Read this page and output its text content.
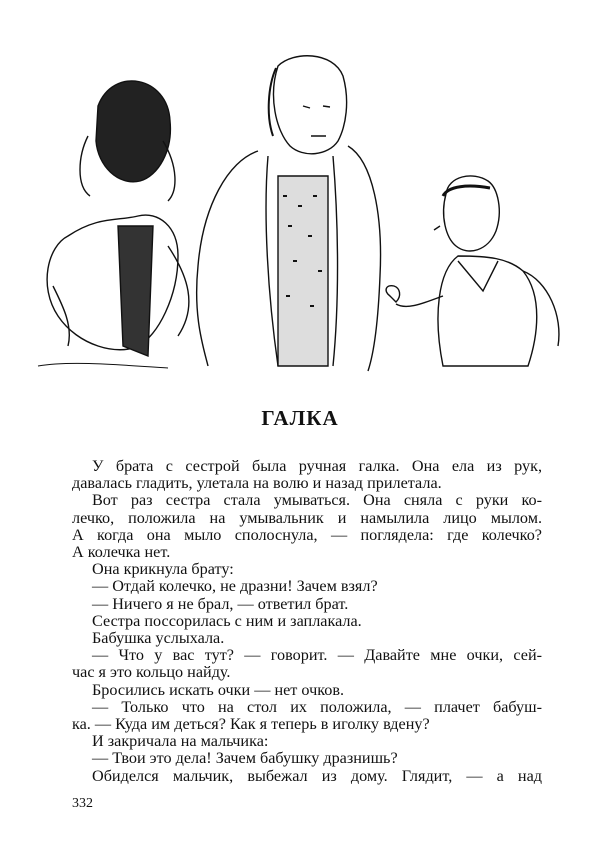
ГАЛКА
У брата с сестрой была ручная галка. Она ела из рук,
давалась гладить, улетала на волю и назад прилетала.
Вот раз сестра стала умываться. Она сняла с руки ко-
лечко, положила на умывальник и намылила лицо мылом.
А когда она мыло сполоснула, — поглядела: где колечко?
А колечка нет.
Она крикнула брату:
— Отдай колечко, не дразни! Зачем взял?
— Ничего я не брал, — ответил брат.
Сестра поссорилась с ним и заплакала.
Бабушка услыхала.
— Что у вас тут? — говорит. — Давайте мне очки, сей-
час я это кольцо найду.
Бросились искать очки — нет очков.
— Только что на стол их положила, — плачет бабуш-
ка. — Куда им деться? Как я теперь в иголку вдену?
И закричала на мальчика:
— Твои это дела! Зачем бабушку дразнишь?
Обиделся мальчик, выбежал из дому. Глядит, — а над
332
